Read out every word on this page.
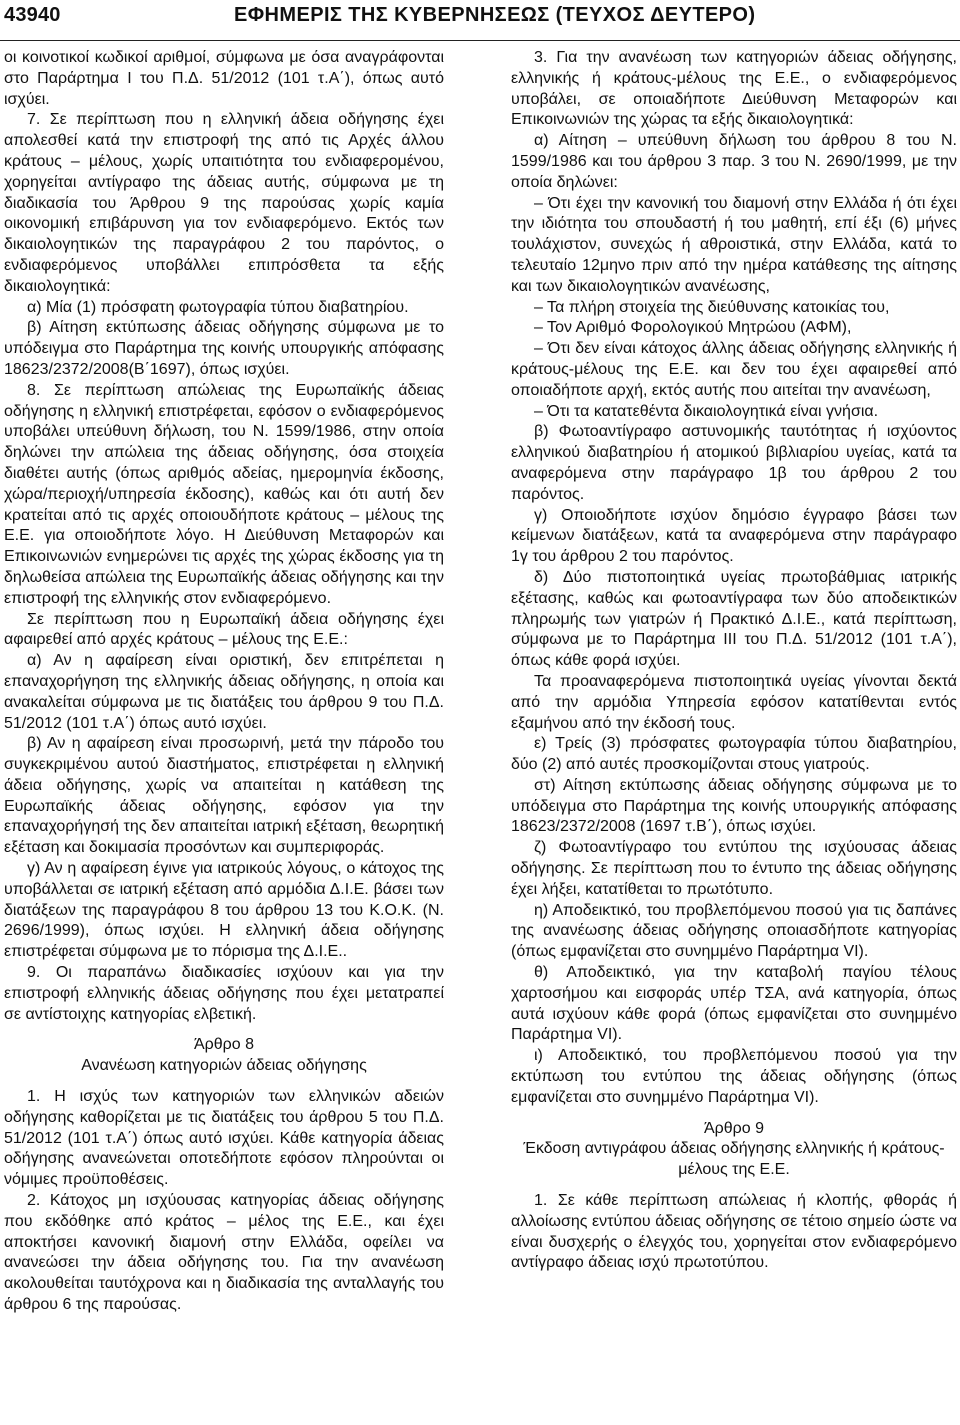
43940	ΕΦΗΜΕΡΙΣ ΤΗΣ ΚΥΒΕΡΝΗΣΕΩΣ (ΤΕΥΧΟΣ ΔΕΥΤΕΡΟ)

οι κοινοτικοί κωδικοί αριθμοί, σύμφωνα με όσα αναγράφονται στο Παράρτημα Ι του Π.Δ. 51/2012 (101 τ.Α΄), όπως αυτό ισχύει.

7. Σε περίπτωση που η ελληνική άδεια οδήγησης έχει απολεσθεί κατά την επιστροφή της από τις Αρχές άλλου κράτους – μέλους, χωρίς υπαιτιότητα του ενδιαφερομένου, χορηγείται αντίγραφο της άδειας αυτής, σύμφωνα με τη διαδικασία του Άρθρου 9 της παρούσας χωρίς καμία οικονομική επιβάρυνση για τον ενδιαφερόμενο. Εκτός των δικαιολογητικών της παραγράφου 2 του παρόντος, ο ενδιαφερόμενος υποβάλλει επιπρόσθετα τα εξής δικαιολογητικά:

α) Μία (1) πρόσφατη φωτογραφία τύπου διαβατηρίου.

β) Αίτηση εκτύπωσης άδειας οδήγησης σύμφωνα με το υπόδειγμα στο Παράρτημα της κοινής υπουργικής απόφασης 18623/2372/2008(Β΄1697), όπως ισχύει.

8. Σε περίπτωση απώλειας της Ευρωπαϊκής άδειας οδήγησης η ελληνική επιστρέφεται, εφόσον ο ενδιαφερόμενος υποβάλει υπεύθυνη δήλωση, του Ν. 1599/1986, στην οποία δηλώνει την απώλεια της άδειας οδήγησης, όσα στοιχεία διαθέτει αυτής (όπως αριθμός αδείας, ημερομηνία έκδοσης, χώρα/περιοχή/υπηρεσία έκδοσης), καθώς και ότι αυτή δεν κρατείται από τις αρχές οποιουδήποτε κράτους – μέλους της Ε.Ε. για οποιοδήποτε λόγο. Η Διεύθυνση Μεταφορών και Επικοινωνιών ενημερώνει τις αρχές της χώρας έκδοσης για τη δηλωθείσα απώλεια της Ευρωπαϊκής άδειας οδήγησης και την επιστροφή της ελληνικής στον ενδιαφερόμενο.

Σε περίπτωση που η Ευρωπαϊκή άδεια οδήγησης έχει αφαιρεθεί από αρχές κράτους – μέλους της Ε.Ε.:

α) Αν η αφαίρεση είναι οριστική, δεν επιτρέπεται η επαναχορήγηση της ελληνικής άδειας οδήγησης, η οποία και ανακαλείται σύμφωνα με τις διατάξεις του άρθρου 9 του Π.Δ. 51/2012 (101 τ.Α΄) όπως αυτό ισχύει.

β) Αν η αφαίρεση είναι προσωρινή, μετά την πάροδο του συγκεκριμένου αυτού διαστήματος, επιστρέφεται η ελληνική άδεια οδήγησης, χωρίς να απαιτείται η κατάθεση της Ευρωπαϊκής άδειας οδήγησης, εφόσον για την επαναχορήγησή της δεν απαιτείται ιατρική εξέταση, θεωρητική εξέταση και δοκιμασία προσόντων και συμπεριφοράς.

γ) Αν η αφαίρεση έγινε για ιατρικούς λόγους, ο κάτοχος της υποβάλλεται σε ιατρική εξέταση από αρμόδια Δ.Ι.Ε. βάσει των διατάξεων της παραγράφου 8 του άρθρου 13 του Κ.Ο.Κ. (Ν. 2696/1999), όπως ισχύει. Η ελληνική άδεια οδήγησης επιστρέφεται σύμφωνα με το πόρισμα της Δ.Ι.Ε..

9. Οι παραπάνω διαδικασίες ισχύουν και για την επιστροφή ελληνικής άδειας οδήγησης που έχει μετατραπεί σε αντίστοιχης κατηγορίας ελβετική.

Άρθρο 8

Ανανέωση κατηγοριών άδειας οδήγησης

1. Η ισχύς των κατηγοριών των ελληνικών αδειών οδήγησης καθορίζεται με τις διατάξεις του άρθρου 5 του Π.Δ. 51/2012 (101 τ.Α΄) όπως αυτό ισχύει. Κάθε κατηγορία άδειας οδήγησης ανανεώνεται οποτεδήποτε εφόσον πληρούνται οι νόμιμες προϋποθέσεις.

2. Κάτοχος μη ισχύουσας κατηγορίας άδειας οδήγησης που εκδόθηκε από κράτος – μέλος της Ε.Ε., και έχει αποκτήσει κανονική διαμονή στην Ελλάδα, οφείλει να ανανεώσει την άδεια οδήγησης του. Για την ανανέωση ακολουθείται ταυτόχρονα και η διαδικασία της ανταλλαγής του άρθρου 6 της παρούσας.

3. Για την ανανέωση των κατηγοριών άδειας οδήγησης, ελληνικής ή κράτους-μέλους της Ε.Ε., ο ενδιαφερόμενος υποβάλει, σε οποιαδήποτε Διεύθυνση Μεταφορών και Επικοινωνιών της χώρας τα εξής δικαιολογητικά:

α) Αίτηση – υπεύθυνη δήλωση του άρθρου 8 του Ν. 1599/1986 και του άρθρου 3 παρ. 3 του Ν. 2690/1999, με την οποία δηλώνει:

– Ότι έχει την κανονική του διαμονή στην Ελλάδα ή ότι έχει την ιδιότητα του σπουδαστή ή του μαθητή, επί έξι (6) μήνες τουλάχιστον, συνεχώς ή αθροιστικά, στην Ελλάδα, κατά το τελευταίο 12μηνο πριν από την ημέρα κατάθεσης της αίτησης και των δικαιολογητικών ανανέωσης,

– Τα πλήρη στοιχεία της διεύθυνσης κατοικίας του,

– Τον Αριθμό Φορολογικού Μητρώου (ΑΦΜ),

– Ότι δεν είναι κάτοχος άλλης άδειας οδήγησης ελληνικής ή κράτους-μέλους της Ε.Ε. και δεν του έχει αφαιρεθεί από οποιαδήποτε αρχή, εκτός αυτής που αιτείται την ανανέωση,

– Ότι τα κατατεθέντα δικαιολογητικά είναι γνήσια.

β) Φωτοαντίγραφο αστυνομικής ταυτότητας ή ισχύοντος ελληνικού διαβατηρίου ή ατομικού βιβλιαρίου υγείας, κατά τα αναφερόμενα στην παράγραφο 1β του άρθρου 2 του παρόντος.

γ) Οποιοδήποτε ισχύον δημόσιο έγγραφο βάσει των κείμενων διατάξεων, κατά τα αναφερόμενα στην παράγραφο 1γ του άρθρου 2 του παρόντος.

δ) Δύο πιστοποιητικά υγείας πρωτοβάθμιας ιατρικής εξέτασης, καθώς και φωτοαντίγραφα των δύο αποδεικτικών πληρωμής των γιατρών ή Πρακτικό Δ.Ι.Ε., κατά περίπτωση, σύμφωνα με το Παράρτημα ΙΙΙ του Π.Δ. 51/2012 (101 τ.Α΄), όπως κάθε φορά ισχύει.

Τα προαναφερόμενα πιστοποιητικά υγείας γίνονται δεκτά από την αρμόδια Υπηρεσία εφόσον κατατίθενται εντός εξαμήνου από την έκδοσή τους.

ε) Τρείς (3) πρόσφατες φωτογραφία τύπου διαβατηρίου, δύο (2) από αυτές προσκομίζονται στους γιατρούς.

στ) Αίτηση εκτύπωσης άδειας οδήγησης σύμφωνα με το υπόδειγμα στο Παράρτημα της κοινής υπουργικής απόφασης 18623/2372/2008 (1697 τ.Β΄), όπως ισχύει.

ζ) Φωτοαντίγραφο του εντύπου της ισχύουσας άδειας οδήγησης. Σε περίπτωση που το έντυπο της άδειας οδήγησης έχει λήξει, κατατίθεται το πρωτότυπο.

η) Αποδεικτικό, του προβλεπόμενου ποσού για τις δαπάνες της ανανέωσης άδειας οδήγησης οποιασδήποτε κατηγορίας (όπως εμφανίζεται στο συνημμένο Παράρτημα VI).

θ) Αποδεικτικό, για την καταβολή παγίου τέλους χαρτοσήμου και εισφοράς υπέρ ΤΣΑ, ανά κατηγορία, όπως αυτά ισχύουν κάθε φορά (όπως εμφανίζεται στο συνημμένο Παράρτημα VI).

ι) Αποδεικτικό, του προβλεπόμενου ποσού για την εκτύπωση του εντύπου της άδειας οδήγησης (όπως εμφανίζεται στο συνημμένο Παράρτημα VI).

Άρθρο 9

Έκδοση αντιγράφου άδειας οδήγησης ελληνικής ή κράτους-μέλους της Ε.Ε.

1. Σε κάθε περίπτωση απώλειας ή κλοπής, φθοράς ή αλλοίωσης εντύπου άδειας οδήγησης σε τέτοιο σημείο ώστε να είναι δυσχερής ο έλεγχός του, χορηγείται στον ενδιαφερόμενο αντίγραφο άδειας ισχύ πρωτοτύπου.
